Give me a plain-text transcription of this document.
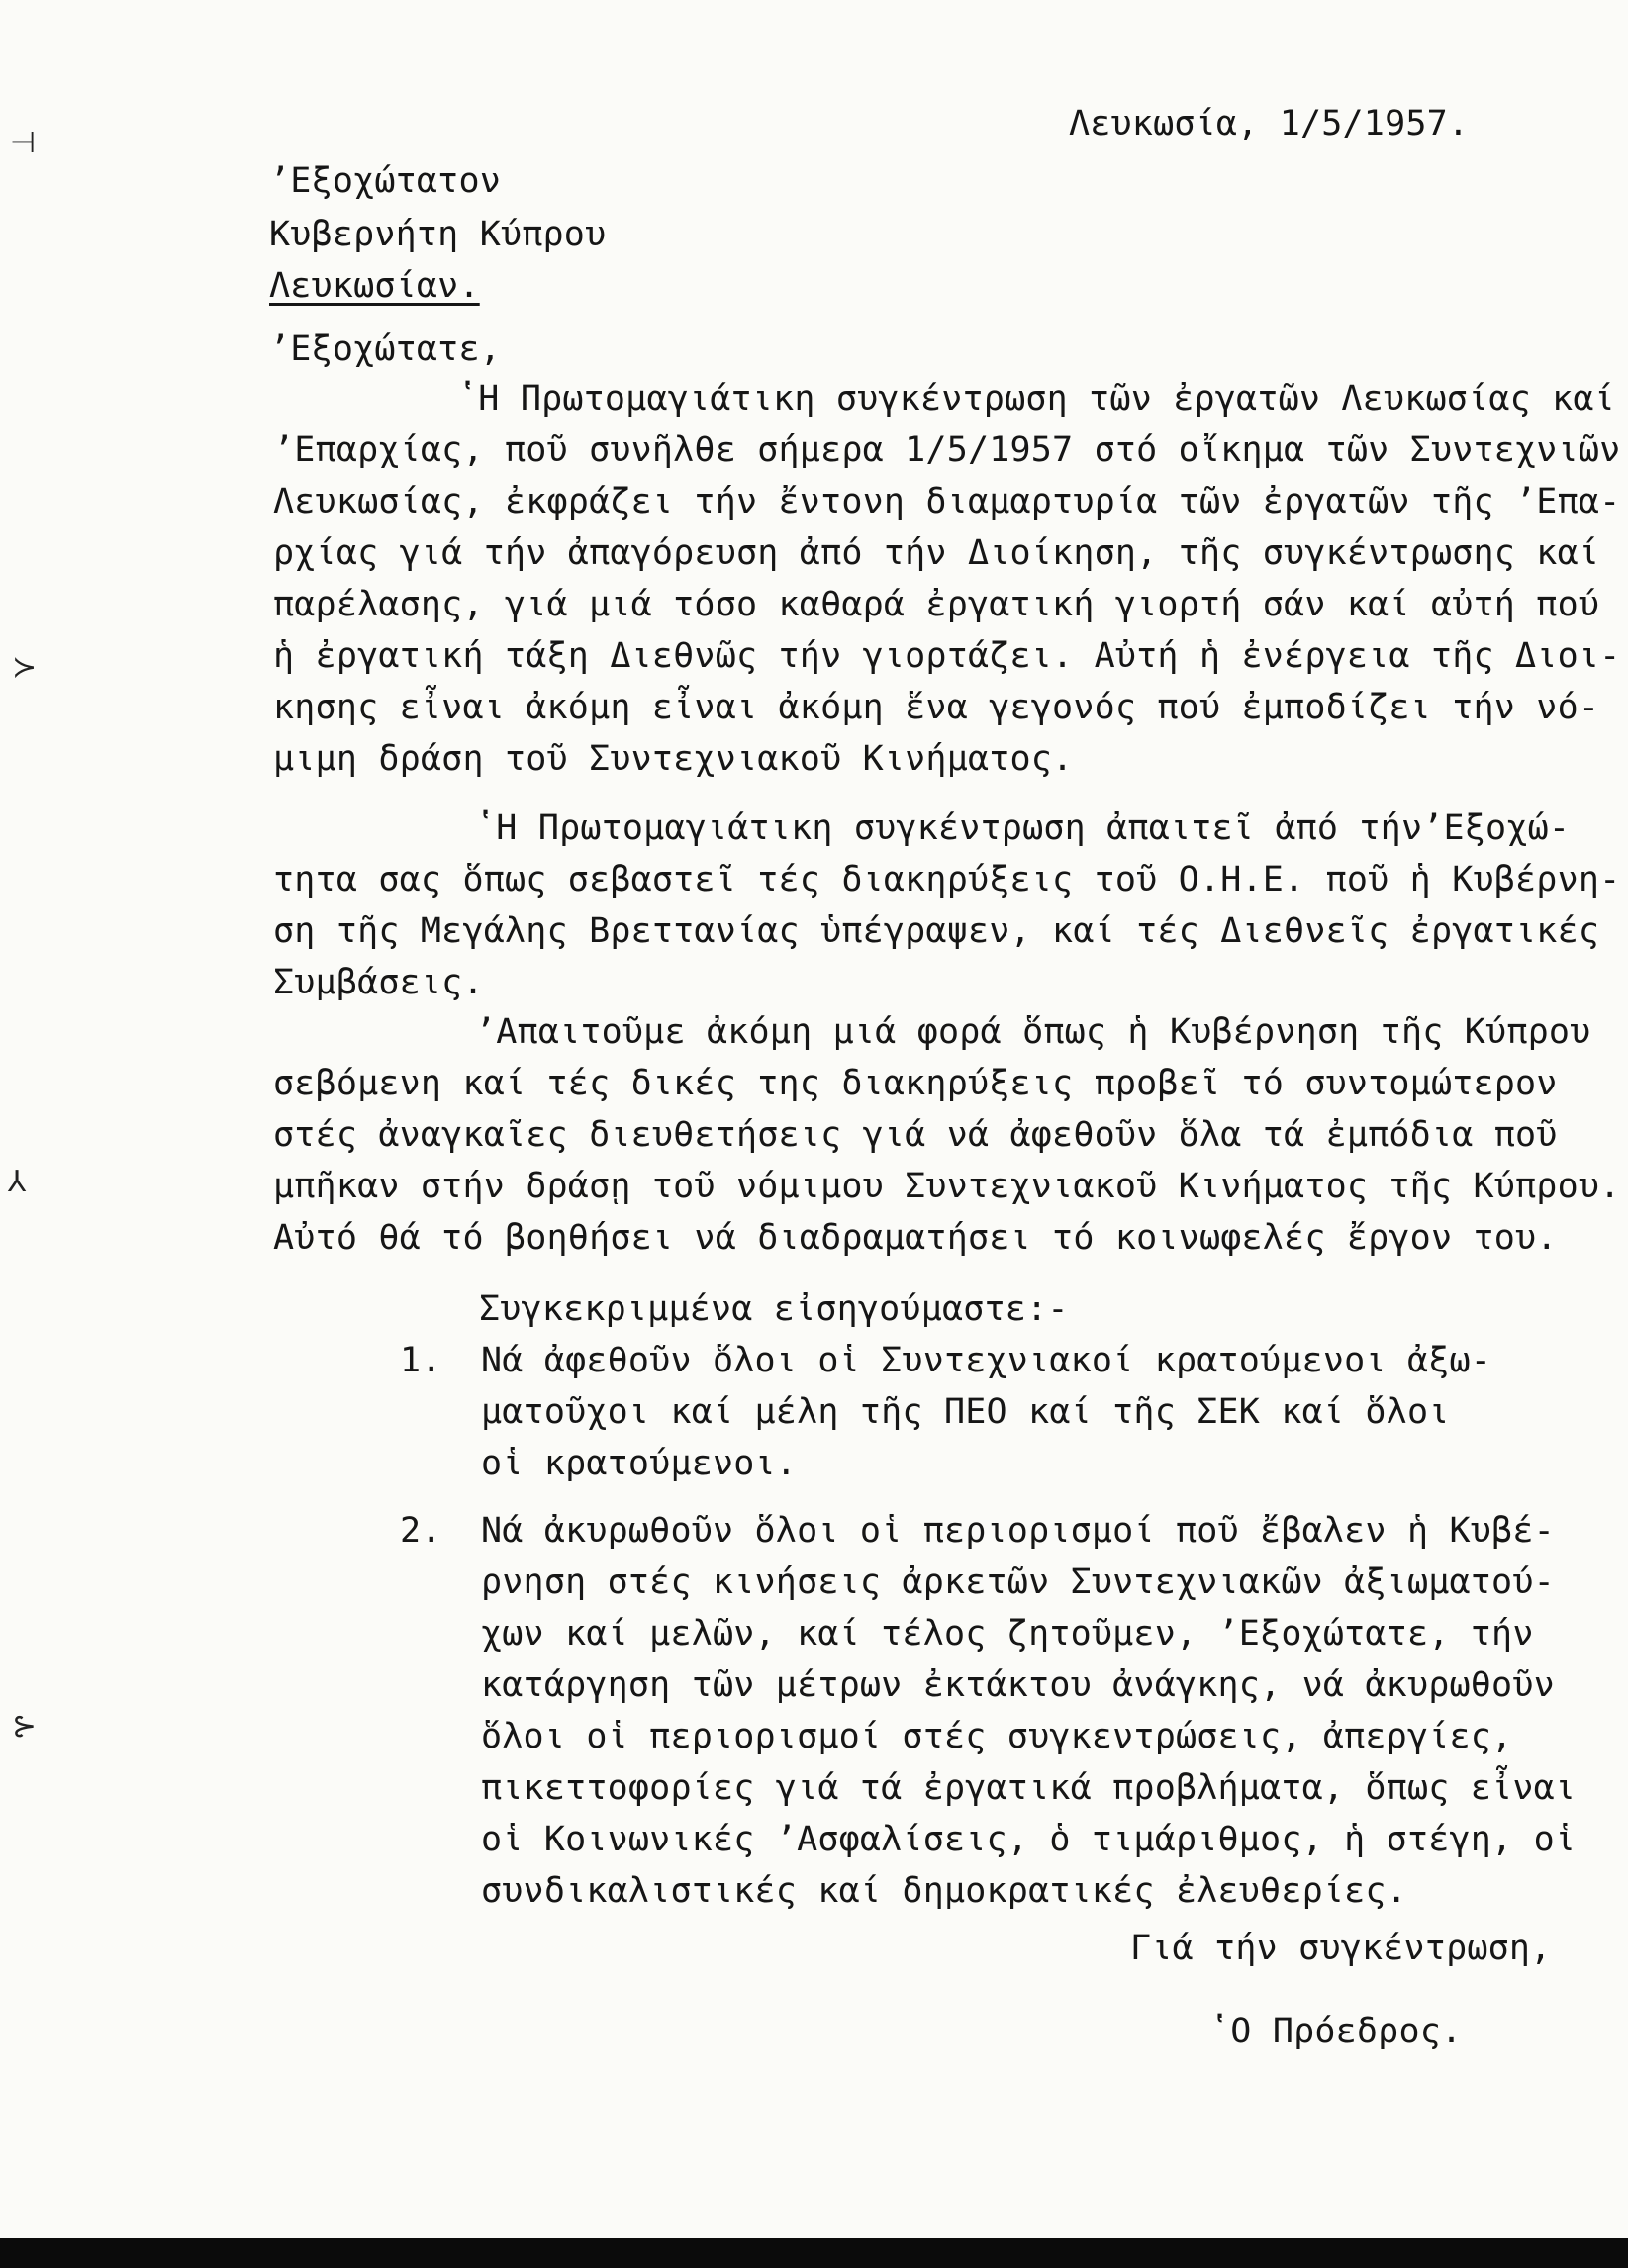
⊣
≻
⅄
⊱
Λευκωσία, 1/5/1957.
ʼΕξοχώτατον
Κυβερνήτη Κύπρου
Λευκωσίαν.
ʼΕξοχώτατε,
ʽΗ Πρωτομαγιάτικη συγκέντρωση τῶν ἐργατῶν Λευκωσίας καί
ʼΕπαρχίας, ποῦ συνῆλθε σήμερα 1/5/1957 στό οἴκημα τῶν Συντεχνιῶν
Λευκωσίας, ἐκφράζει τήν ἔντονη διαμαρτυρία τῶν ἐργατῶν τῆς ʼΕπα-
ρχίας γιά τήν ἀπαγόρευση ἀπό τήν Διοίκηση, τῆς συγκέντρωσης καί
παρέλασης, γιά μιά τόσο καθαρά ἐργατική γιορτή σάν καί αὐτή πού
ἡ ἐργατική τάξη Διεθνῶς τήν γιορτάζει. Αὐτή ἡ ἐνέργεια τῆς Διοι-
κησης εἶναι ἀκόμη εἶναι ἀκόμη ἕνα γεγονός πού ἐμποδίζει τήν νό-
μιμη δράση τοῦ Συντεχνιακοῦ Κινήματος.
ʽΗ Πρωτομαγιάτικη συγκέντρωση ἀπαιτεῖ ἀπό τήνʼΕξοχώ-
τητα σας ὅπως σεβαστεῖ τές διακηρύξεις τοῦ Ο.Η.Ε. ποῦ ἡ Κυβέρνη-
ση τῆς Μεγάλης Βρεττανίας ὑπέγραψεν, καί τές Διεθνεῖς ἐργατικές
Συμβάσεις.
ʼΑπαιτοῦμε ἀκόμη μιά φορά ὅπως ἡ Κυβέρνηση τῆς Κύπρου
σεβόμενη καί τές δικές της διακηρύξεις προβεῖ τό συντομώτερον
στές ἀναγκαῖες διευθετήσεις γιά νά ἀφεθοῦν ὅλα τά ἐμπόδια ποῦ
μπῆκαν στήν δράσῃ τοῦ νόμιμου Συντεχνιακοῦ Κινήματος τῆς Κύπρου.
Αὐτό θά τό βοηθήσει νά διαδραματήσει τό κοινωφελές ἔργον του.
Συγκεκριμμένα εἰσηγούμαστε:-
1. Νά ἀφεθοῦν ὅλοι οἱ Συντεχνιακοί κρατούμενοι ἀξω-
ματοῦχοι καί μέλη τῆς ΠΕΟ καί τῆς ΣΕΚ καί ὅλοι
οἱ κρατούμενοι.
2. Νά ἀκυρωθοῦν ὅλοι οἱ περιορισμοί ποῦ ἔβαλεν ἡ Κυβέ-
ρνηση στές κινήσεις ἀρκετῶν Συντεχνιακῶν ἀξιωματού-
χων καί μελῶν, καί τέλος ζητοῦμεν, ʼΕξοχώτατε, τήν
κατάργηση τῶν μέτρων ἐκτάκτου ἀνάγκης, νά ἀκυρωθοῦν
ὅλοι οἱ περιορισμοί στές συγκεντρώσεις, ἀπεργίες,
πικεττοφορίες γιά τά ἐργατικά προβλήματα, ὅπως εἶναι
οἱ Κοινωνικές ʼΑσφαλίσεις, ὁ τιμάριθμος, ἡ στέγη, οἱ
συνδικαλιστικές καί δημοκρατικές ἐλευθερίες.
Γιά τήν συγκέντρωση,
ʽΟ Πρόεδρος.
